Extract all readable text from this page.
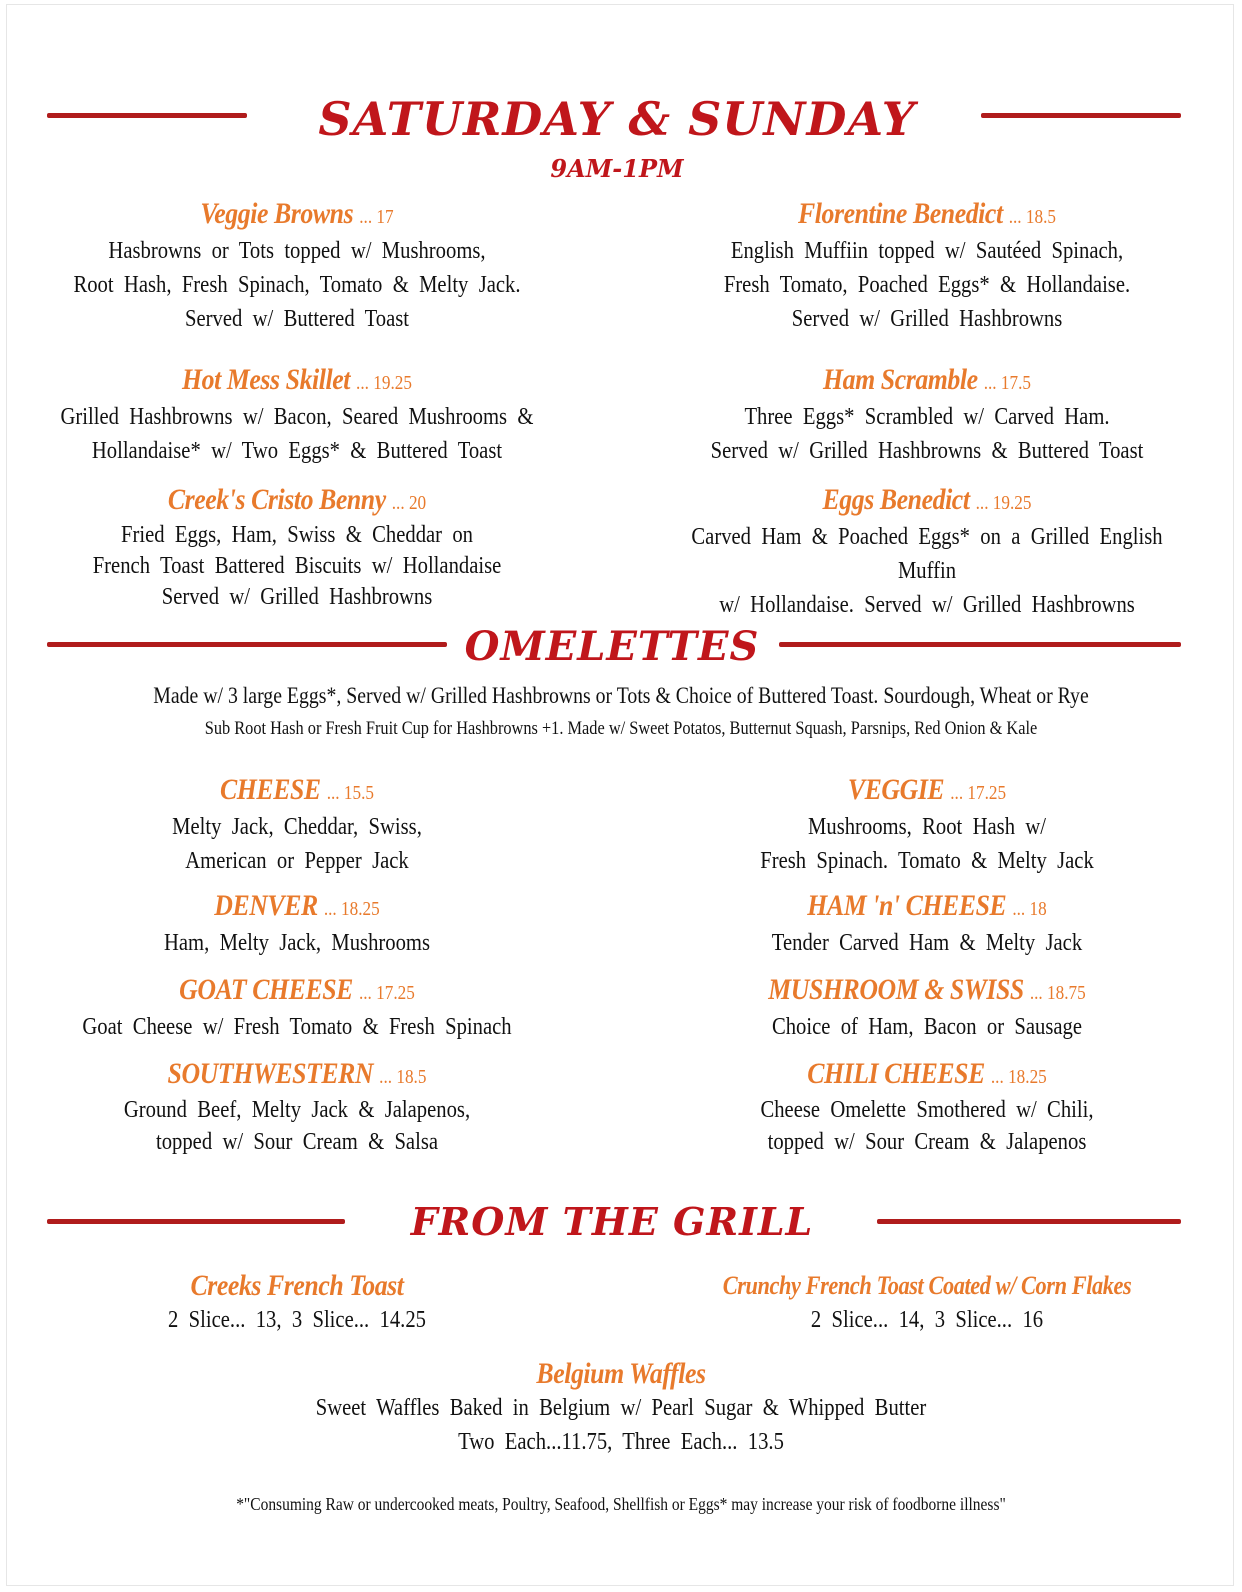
SATURDAY & SUNDAY
9AM-1PM
Veggie Browns ... 17
Hasbrowns or Tots topped w/ Mushrooms,
Root Hash, Fresh Spinach, Tomato & Melty Jack.
Served w/ Buttered Toast
Florentine Benedict ... 18.5
English Muffiin topped w/ Sautéed Spinach,
Fresh Tomato, Poached Eggs* & Hollandaise.
Served w/ Grilled Hashbrowns
Hot Mess Skillet ... 19.25
Grilled Hashbrowns w/ Bacon, Seared Mushrooms &
Hollandaise* w/ Two Eggs* & Buttered Toast
Ham Scramble ... 17.5
Three Eggs* Scrambled w/ Carved Ham.
Served w/ Grilled Hashbrowns & Buttered Toast
Creek's Cristo Benny ... 20
Fried Eggs, Ham, Swiss & Cheddar on
French Toast Battered Biscuits w/ Hollandaise
Served w/ Grilled Hashbrowns
Eggs Benedict ... 19.25
Carved Ham & Poached Eggs* on a Grilled English Muffin
w/ Hollandaise. Served w/ Grilled Hashbrowns
OMELETTES
Made w/ 3 large Eggs*, Served w/ Grilled Hashbrowns or Tots & Choice of Buttered Toast. Sourdough, Wheat or Rye
Sub Root Hash or Fresh Fruit Cup for Hashbrowns +1. Made w/ Sweet Potatos, Butternut Squash, Parsnips, Red Onion & Kale
CHEESE ... 15.5
Melty Jack, Cheddar, Swiss,
American or Pepper Jack
VEGGIE ... 17.25
Mushrooms, Root Hash w/
Fresh Spinach. Tomato & Melty Jack
DENVER ... 18.25
Ham, Melty Jack, Mushrooms
HAM 'n' CHEESE ... 18
Tender Carved Ham & Melty Jack
GOAT CHEESE ... 17.25
Goat Cheese w/ Fresh Tomato & Fresh Spinach
MUSHROOM & SWISS ... 18.75
Choice of Ham, Bacon or Sausage
SOUTHWESTERN ... 18.5
Ground Beef, Melty Jack & Jalapenos,
topped w/ Sour Cream & Salsa
CHILI CHEESE ... 18.25
Cheese Omelette Smothered w/ Chili,
topped w/ Sour Cream & Jalapenos
FROM THE GRILL
Creeks French Toast
2 Slice... 13, 3 Slice... 14.25
Crunchy French Toast Coated w/ Corn Flakes
2 Slice... 14, 3 Slice... 16
Belgium Waffles
Sweet Waffles Baked in Belgium w/ Pearl Sugar & Whipped Butter
Two Each...11.75, Three Each... 13.5
*"Consuming Raw or undercooked meats, Poultry, Seafood, Shellfish or Eggs* may increase your risk of foodborne illness"
